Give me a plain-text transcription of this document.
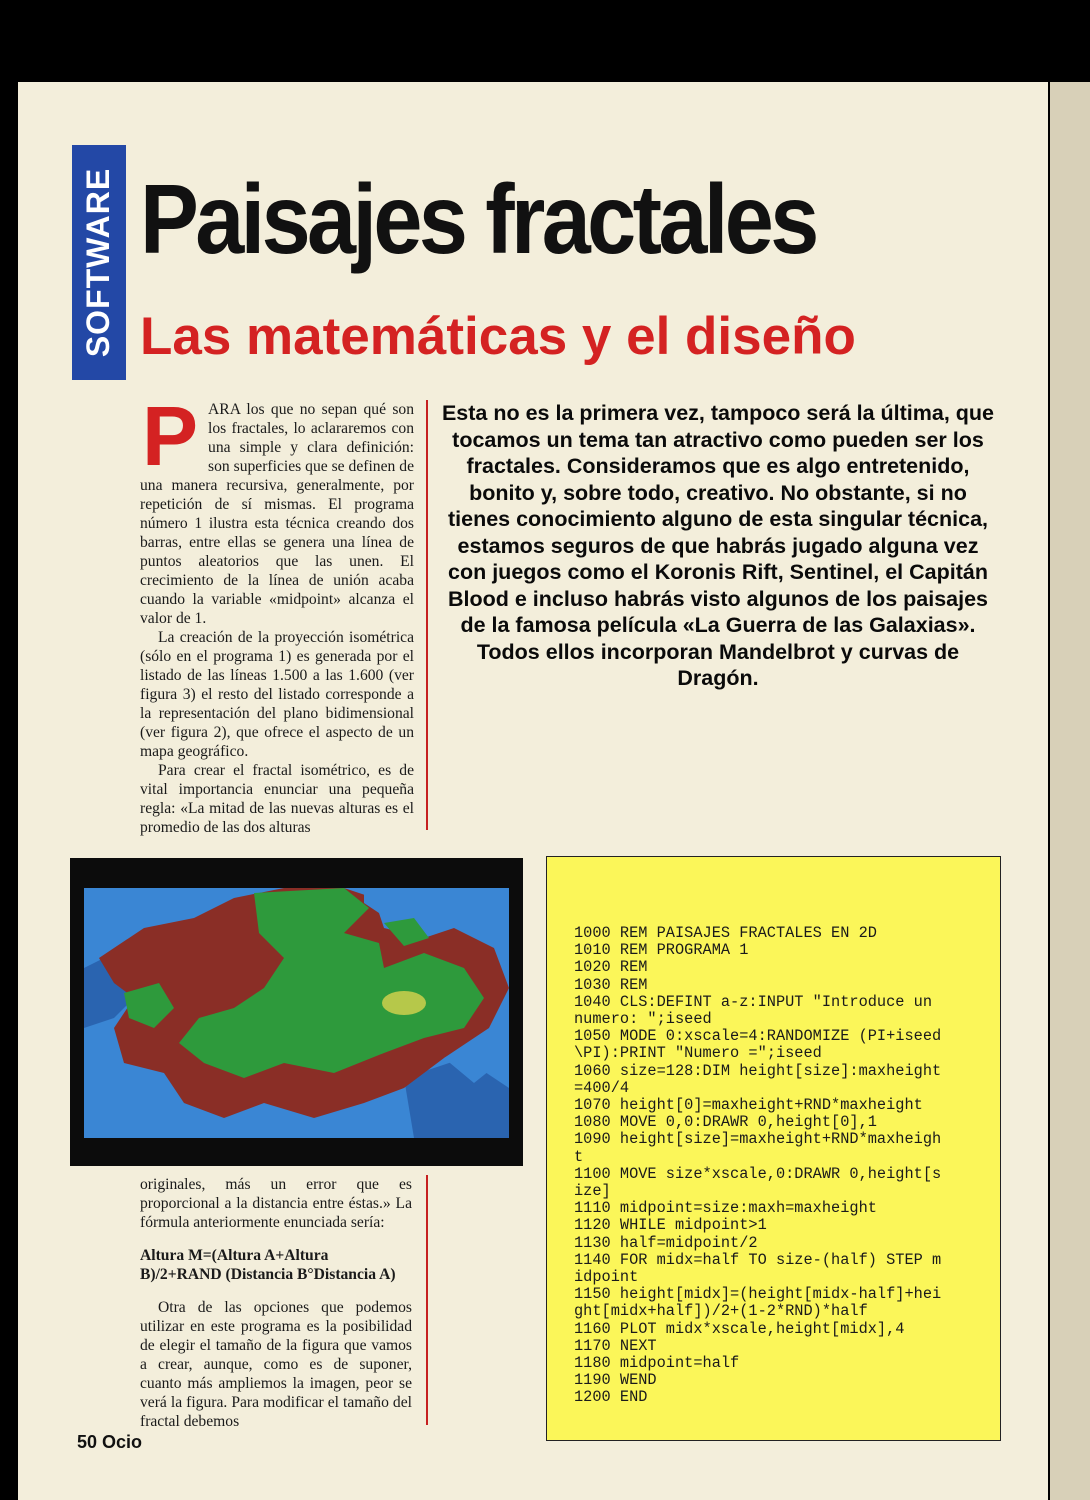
SOFTWARE Paisajes fractales
Las matemáticas y el diseño
P ARA los que no sepan qué son los fractales, lo aclararemos con una simple y clara definición: son superficies que se definen de una manera recursiva, generalmente, por repetición de sí mismas. El programa número 1 ilustra esta técnica creando dos barras, entre ellas se genera una línea de puntos aleatorios que las unen. El crecimiento de la línea de unión acaba cuando la variable «midpoint» alcanza el valor de 1.

La creación de la proyección isométrica (sólo en el programa 1) es generada por el listado de las líneas 1.500 a las 1.600 (ver figura 3) el resto del listado corresponde a la representación del plano bidimensional (ver figura 2), que ofrece el aspecto de un mapa geográfico.

Para crear el fractal isométrico, es de vital importancia enunciar una pequeña regla: «La mitad de las nuevas alturas es el promedio de las dos alturas

Esta no es la primera vez, tampoco será la última, que tocamos un tema tan atractivo como pueden ser los fractales. Consideramos que es algo entretenido, bonito y, sobre todo, creativo. No obstante, si no tienes conocimiento alguno de esta singular técnica, estamos seguros de que habrás jugado alguna vez con juegos como el Koronis Rift, Sentinel, el Capitán Blood e incluso habrás visto algunos de los paisajes de la famosa película «La Guerra de las Galaxias». Todos ellos incorporan Mandelbrot y curvas de Dragón.

originales, más un error que es proporcional a la distancia entre éstas.» La fórmula anteriormente enunciada sería:

Altura M=(Altura A+Altura B)/2+RAND (Distancia B°Distancia A)

Otra de las opciones que podemos utilizar en este programa es la posibilidad de elegir el tamaño de la figura que vamos a crear, aunque, como es de suponer, cuanto más ampliemos la imagen, peor se verá la figura. Para modificar el tamaño del fractal debemos

1000 REM PAISAJES FRACTALES EN 2D
1010 REM PROGRAMA 1
1020 REM
1030 REM
1040 CLS:DEFINT a-z:INPUT "Introduce un
numero: ";iseed
1050 MODE 0:xscale=4:RANDOMIZE (PI+iseed
\PI):PRINT "Numero =";iseed
1060 size=128:DIM height[size]:maxheight
=400/4
1070 height[0]=maxheight+RND*maxheight
1080 MOVE 0,0:DRAWR 0,height[0],1
1090 height[size]=maxheight+RND*maxheigh
t
1100 MOVE size*xscale,0:DRAWR 0,height[s
ize]
1110 midpoint=size:maxh=maxheight
1120 WHILE midpoint>1
1130 half=midpoint/2
1140 FOR midx=half TO size-(half) STEP m
idpoint
1150 height[midx]=(height[midx-half]+hei
ght[midx+half])/2+(1-2*RND)*half
1160 PLOT midx*xscale,height[midx],4
1170 NEXT
1180 midpoint=half
1190 WEND
1200 END

50 Ocio
